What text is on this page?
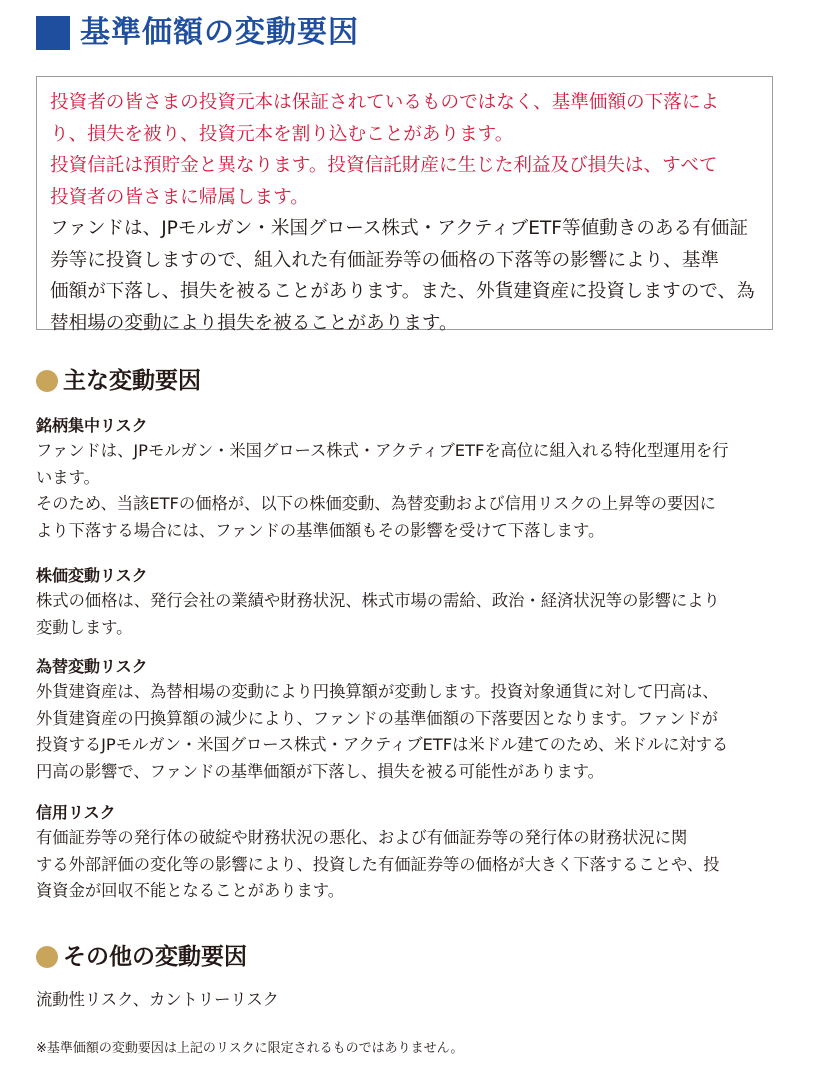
基準価額の変動要因

投資者の皆さまの投資元本は保証されているものではなく、基準価額の下落によ

り、損失を被り、投資元本を割り込むことがあります。

投資信託は預貯金と異なります。投資信託財産に生じた利益及び損失は、すべて

投資者の皆さまに帰属します。

ファンドは、JPモルガン・米国グロース株式・アクティブETF等値動きのある有価証

券等に投資しますので、組入れた有価証券等の価格の下落等の影響により、基準

価額が下落し、損失を被ることがあります。また、外貨建資産に投資しますので、為

替相場の変動により損失を被ることがあります。

主な変動要因
銘柄集中リスク

ファンドは、JPモルガン・米国グロース株式・アクティブETFを高位に組入れる特化型運用を行

います。

そのため、当該ETFの価格が、以下の株価変動、為替変動および信用リスクの上昇等の要因に

より下落する場合には、ファンドの基準価額もその影響を受けて下落します。

株価変動リスク

株式の価格は、発行会社の業績や財務状況、株式市場の需給、政治・経済状況等の影響により

変動します。

為替変動リスク

外貨建資産は、為替相場の変動により円換算額が変動します。投資対象通貨に対して円高は、

外貨建資産の円換算額の減少により、ファンドの基準価額の下落要因となります。ファンドが

投資するJPモルガン・米国グロース株式・アクティブETFは米ドル建てのため、米ドルに対する

円高の影響で、ファンドの基準価額が下落し、損失を被る可能性があります。

信用リスク

有価証券等の発行体の破綻や財務状況の悪化、および有価証券等の発行体の財務状況に関

する外部評価の変化等の影響により、投資した有価証券等の価格が大きく下落することや、投

資資金が回収不能となることがあります。

その他の変動要因
流動性リスク、カントリーリスク
※基準価額の変動要因は上記のリスクに限定されるものではありません。
